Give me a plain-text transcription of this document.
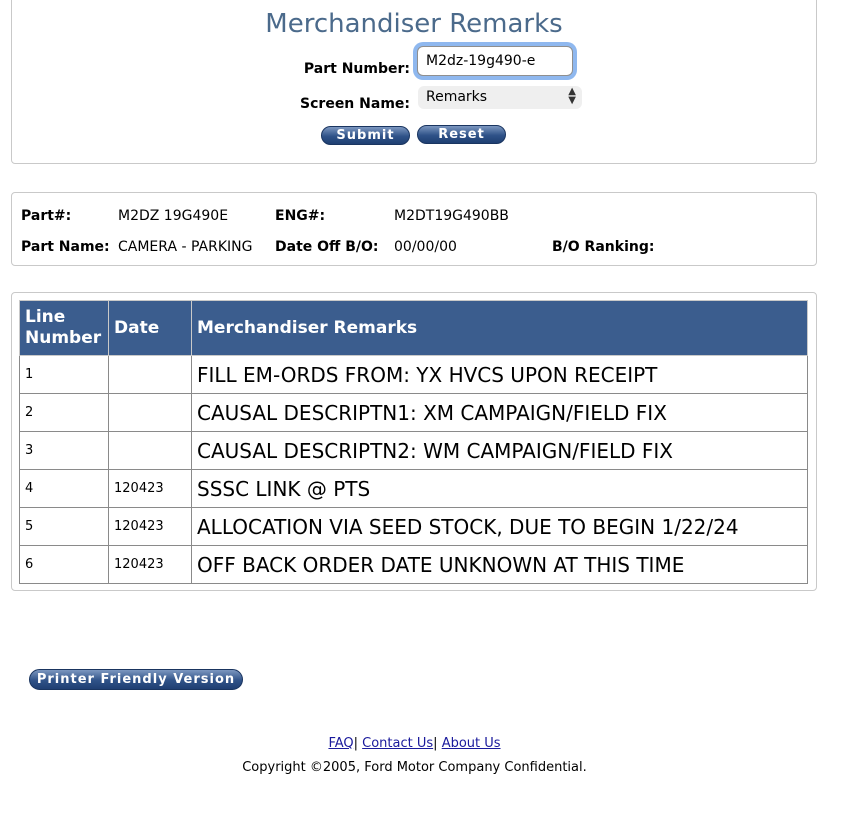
Merchandiser Remarks
Part Number:
M2dz-19g490-e
Screen Name:	Remarks	▲
▼
Submit	Reset
Part#:	M2DZ 19G490E	ENG#:	M2DT19G490BB
Part Name: CAMERA - PARKING Date Off B/O: 00/00/00	B/O Ranking:
Line Number	Date	Merchandiser Remarks
1		FILL EM-ORDS FROM: YX HVCS UPON RECEIPT
2		CAUSAL DESCRIPTN1: XM CAMPAIGN/FIELD FIX
3		CAUSAL DESCRIPTN2: WM CAMPAIGN/FIELD FIX
4	120423	SSSC LINK @ PTS
5	120423	ALLOCATION VIA SEED STOCK, DUE TO BEGIN 1/22/24
6	120423	OFF BACK ORDER DATE UNKNOWN AT THIS TIME
Printer Friendly Version
FAQ| Contact Us| About Us
Copyright ©2005, Ford Motor Company Confidential.
